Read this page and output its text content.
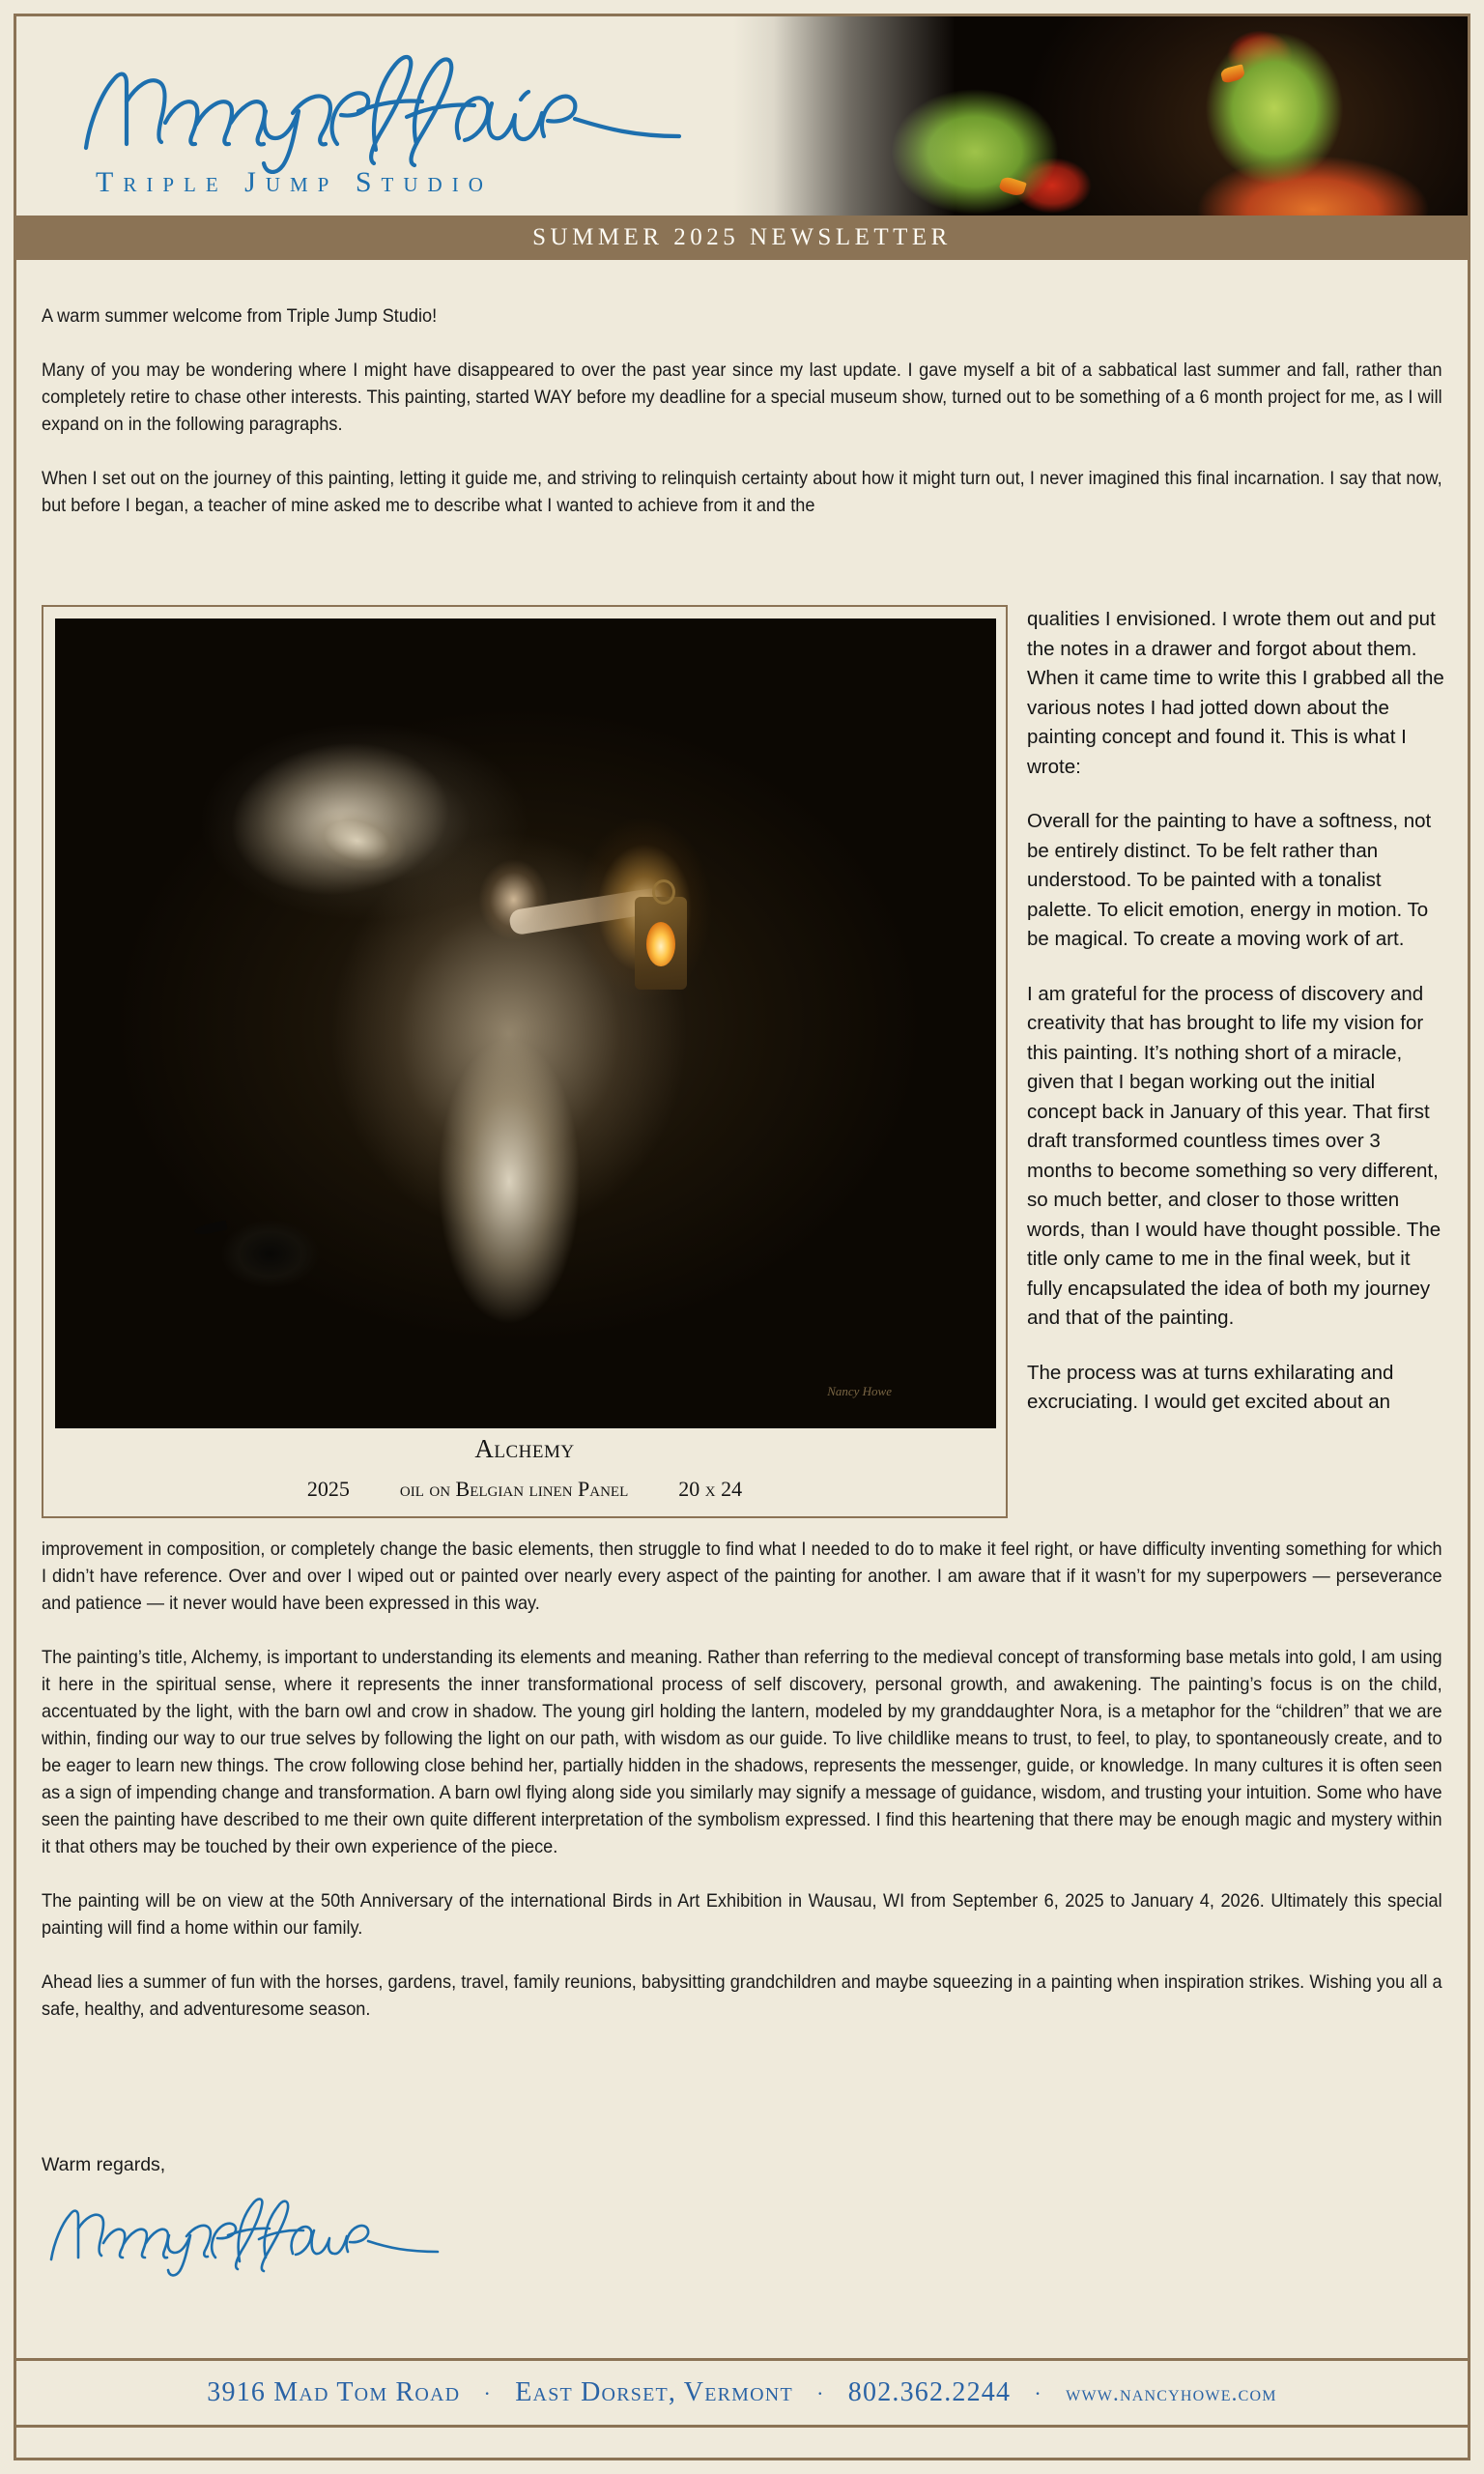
Triple Jump Studio
SUMMER 2025 NEWSLETTER

A warm summer welcome from Triple Jump Studio!

Many of you may be wondering where I might have disappeared to over the past year since my last update. I gave myself a bit of a sabbatical last summer and fall, rather than completely retire to chase other interests. This painting, started WAY before my deadline for a special museum show, turned out to be something of a 6 month project for me, as I will expand on in the following paragraphs.

When I set out on the journey of this painting, letting it guide me, and striving to relinquish certainty about how it might turn out, I never imagined this final incarnation. I say that now, but before I began, a teacher of mine asked me to describe what I wanted to achieve from it and the

Nancy Howe
Alchemy
2025 oil on Belgian linen Panel 20 x 24

qualities I envisioned. I wrote them out and put the notes in a drawer and forgot about them. When it came time to write this I grabbed all the various notes I had jotted down about the painting concept and found it. This is what I wrote:

Overall for the painting to have a softness, not be entirely distinct. To be felt rather than understood. To be painted with a tonalist palette. To elicit emotion, energy in motion. To be magical. To create a moving work of art.

I am grateful for the process of discovery and creativity that has brought to life my vision for this painting. It’s nothing short of a miracle, given that I began working out the initial concept back in January of this year. That first draft transformed countless times over 3 months to become something so very different, so much better, and closer to those written words, than I would have thought possible. The title only came to me in the final week, but it fully encapsulated the idea of both my journey and that of the painting.

The process was at turns exhilarating and excruciating. I would get excited about an

improvement in composition, or completely change the basic elements, then struggle to find what I needed to do to make it feel right, or have difficulty inventing something for which I didn’t have reference. Over and over I wiped out or painted over nearly every aspect of the painting for another. I am aware that if it wasn’t for my superpowers — perseverance and patience — it never would have been expressed in this way.

The painting’s title, Alchemy, is important to understanding its elements and meaning. Rather than referring to the medieval concept of transforming base metals into gold, I am using it here in the spiritual sense, where it represents the inner transformational process of self discovery, personal growth, and awakening. The painting’s focus is on the child, accentuated by the light, with the barn owl and crow in shadow. The young girl holding the lantern, modeled by my granddaughter Nora, is a metaphor for the “children” that we are within, finding our way to our true selves by following the light on our path, with wisdom as our guide. To live childlike means to trust, to feel, to play, to spontaneously create, and to be eager to learn new things. The crow following close behind her, partially hidden in the shadows, represents the messenger, guide, or knowledge. In many cultures it is often seen as a sign of impending change and transformation. A barn owl flying along side you similarly may signify a message of guidance, wisdom, and trusting your intuition. Some who have seen the painting have described to me their own quite different interpretation of the symbolism expressed. I find this heartening that there may be enough magic and mystery within it that others may be touched by their own experience of the piece.

The painting will be on view at the 50th Anniversary of the international Birds in Art Exhibition in Wausau, WI from September 6, 2025 to January 4, 2026. Ultimately this special painting will find a home within our family.

Ahead lies a summer of fun with the horses, gardens, travel, family reunions, babysitting grandchildren and maybe squeezing in a painting when inspiration strikes. Wishing you all a safe, healthy, and adventuresome season.

Warm regards,
3916 Mad Tom Road · East Dorset, Vermont · 802.362.2244 · www.nancyhowe.com
